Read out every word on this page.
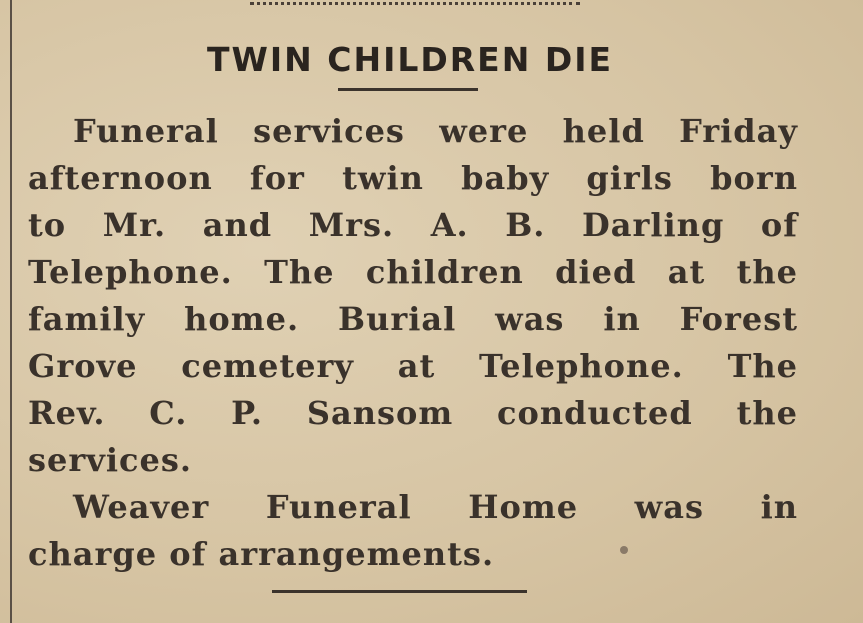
TWIN CHILDREN DIE
Funeral services were held Friday
afternoon for twin baby girls born
to Mr. and Mrs. A. B. Darling of
Telephone. The children died at the
family home. Burial was in Forest
Grove cemetery at Telephone. The
Rev. C. P. Sansom conducted the
services.
Weaver Funeral Home was in
charge of arrangements.
